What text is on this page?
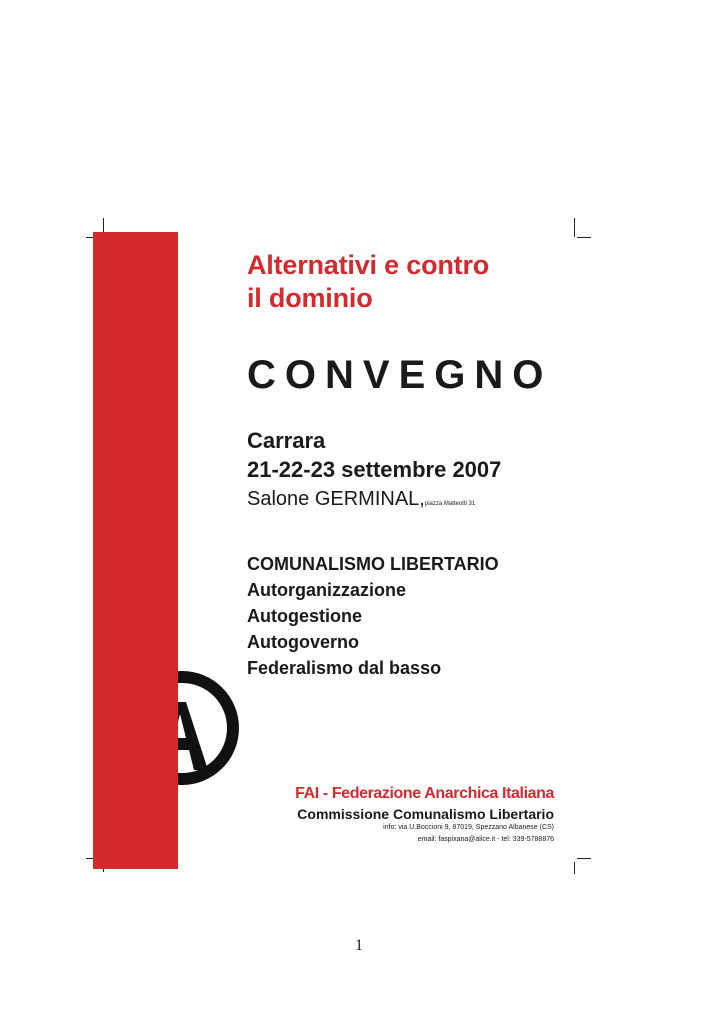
Alternativi e contro
il dominio
CONVEGNO
Carrara
21-22-23 settembre 2007
Salone GERMINAL,piazza Matteotti 31
COMUNALISMO LIBERTARIO
Autorganizzazione
Autogestione
Autogoverno
Federalismo dal basso
FAI - Federazione Anarchica Italiana
Commissione Comunalismo Libertario
info: via U.Boccioni 9, 87019, Spezzano Albanese (CS)
email: faspixana@alice.it - tel: 339-5788876
1
